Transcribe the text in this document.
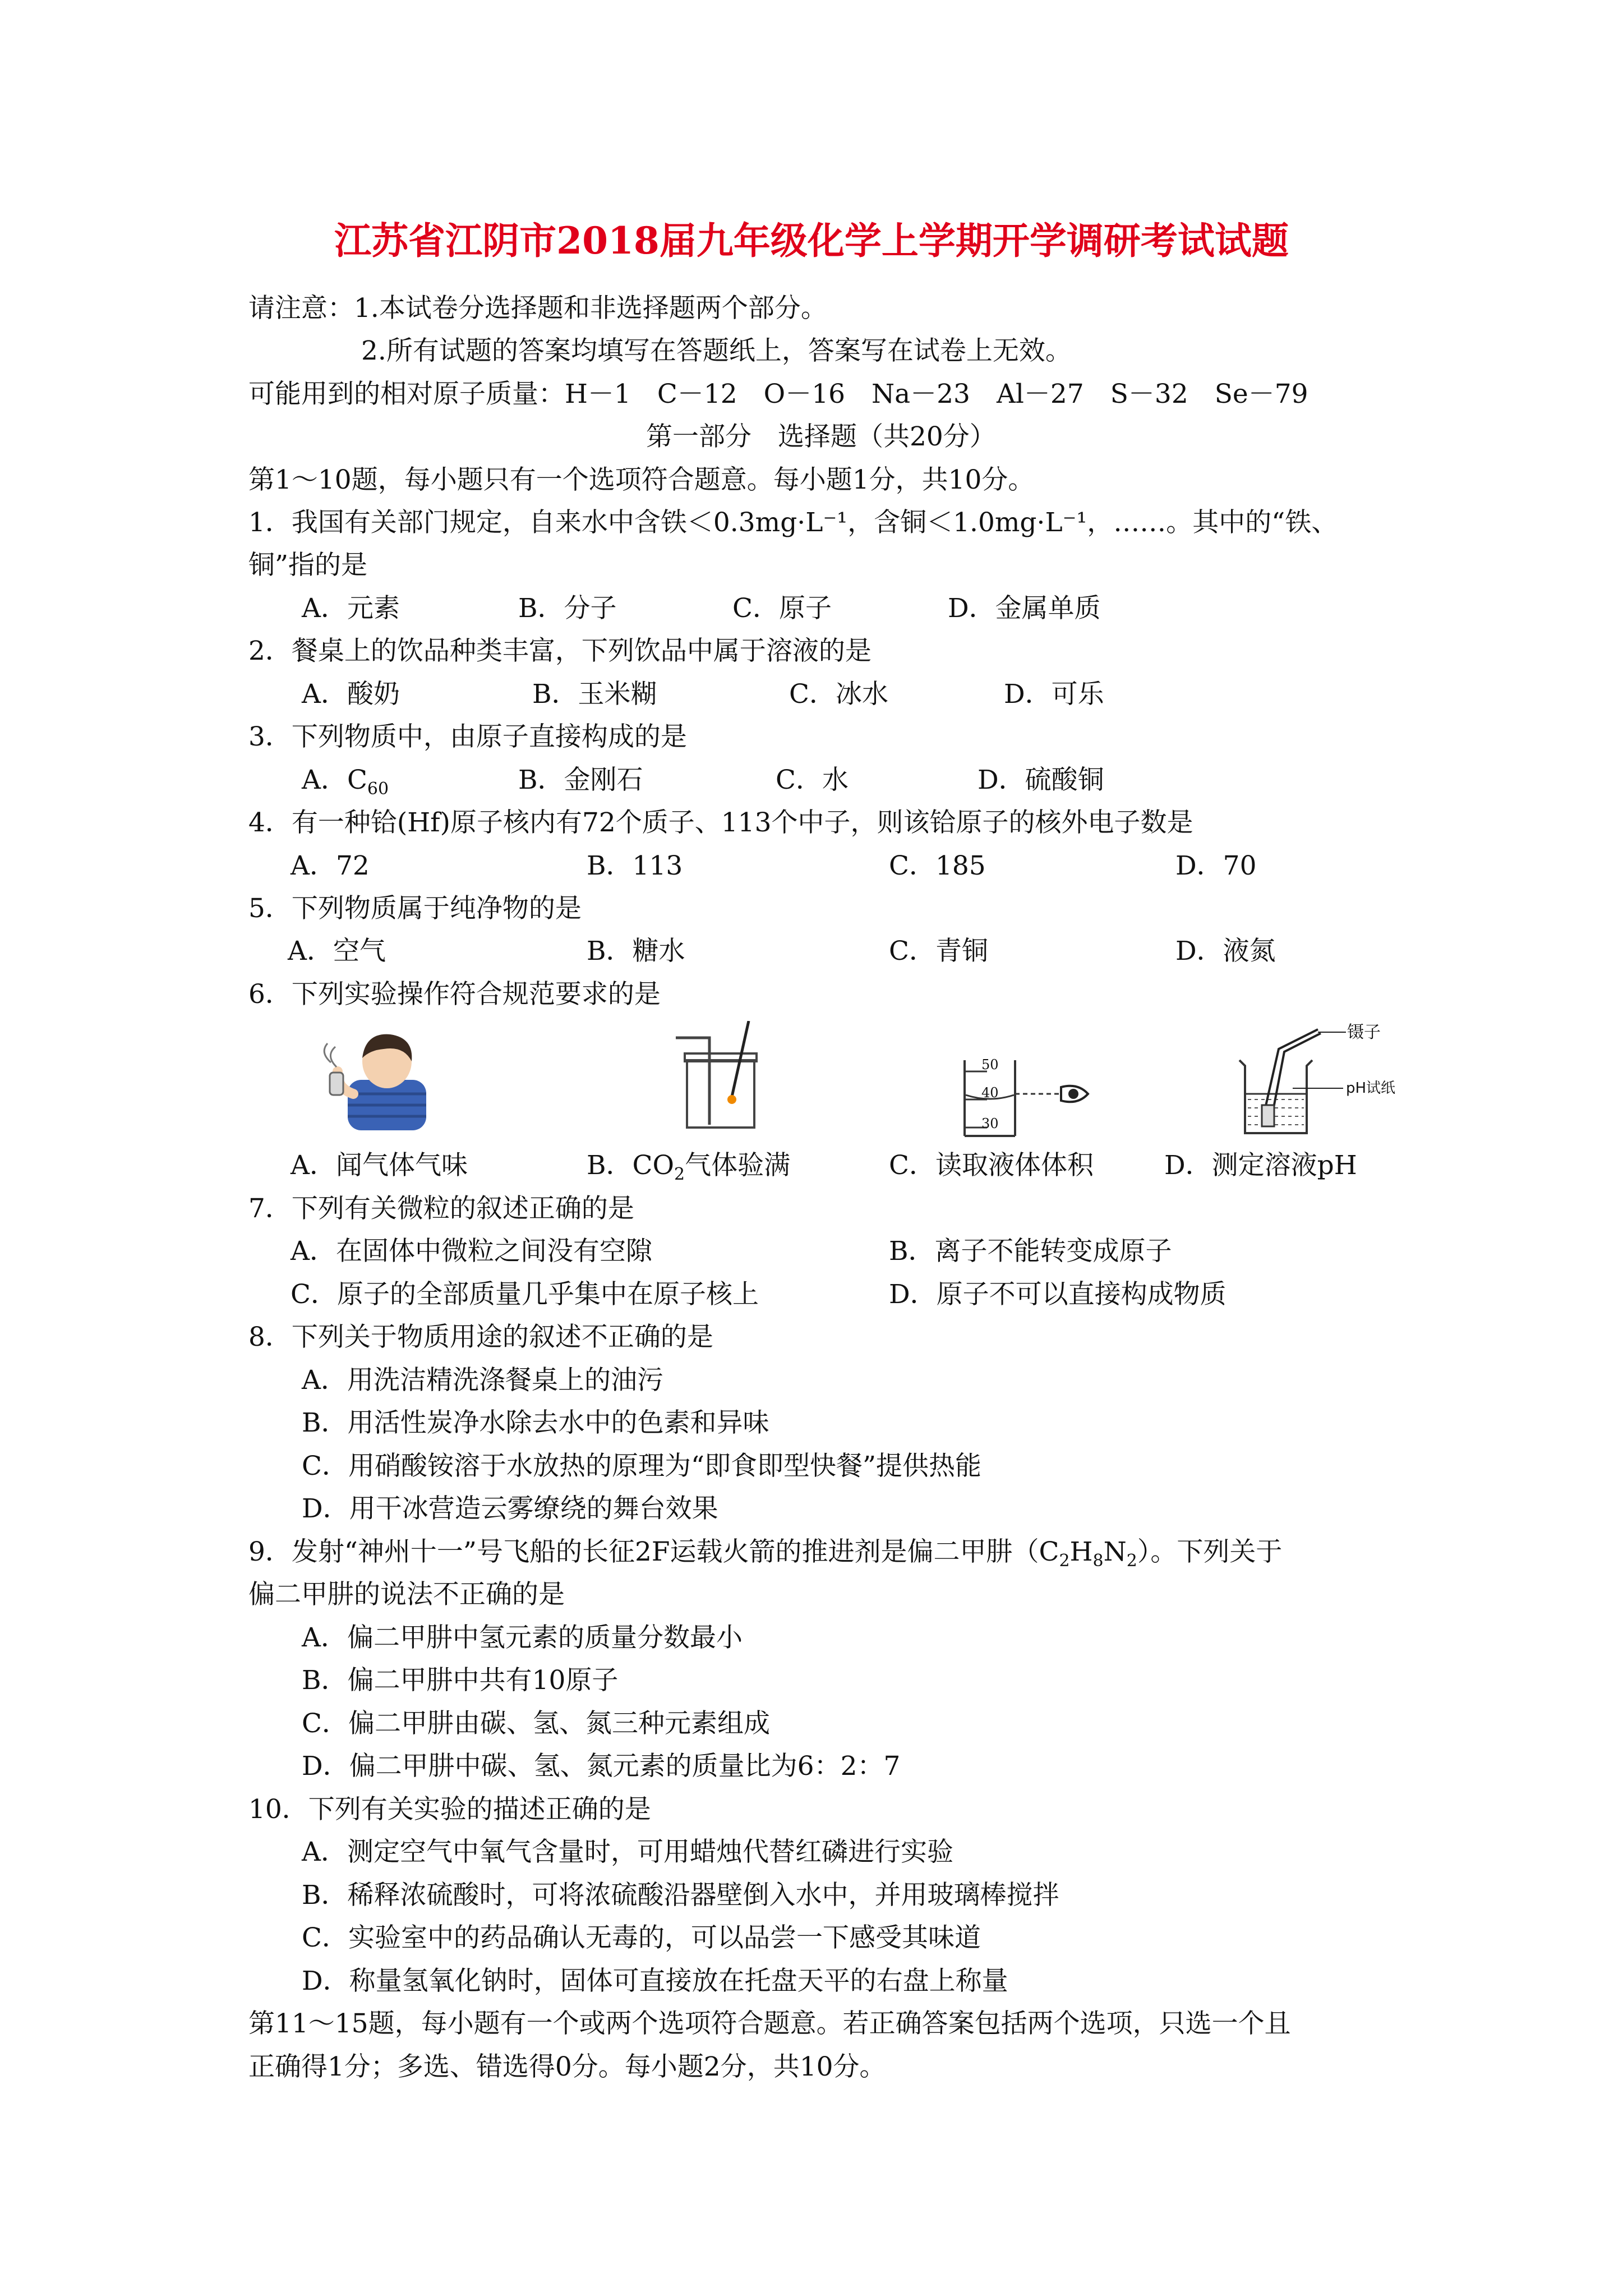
江苏省江阴市2018届九年级化学上学期开学调研考试试题
请注意：1.本试卷分选择题和非选择题两个部分。
2.所有试题的答案均填写在答题纸上，答案写在试卷上无效。
可能用到的相对原子质量：H－1　C－12　O－16　Na－23　Al－27　S－32　Se－79
第一部分　选择题（共20分）
第1～10题，每小题只有一个选项符合题意。每小题1分，共10分。
1．我国有关部门规定，自来水中含铁＜0.3mg·L⁻¹，含铜＜1.0mg·L⁻¹，……。其中的“铁、
铜”指的是
A．元素	B．分子	C．原子	D．金属单质
2．餐桌上的饮品种类丰富，下列饮品中属于溶液的是
A．酸奶	B．玉米糊	C．冰水	D．可乐
3．下列物质中，由原子直接构成的是
A．$C_{60}$	B．金刚石	C．水	D．硫酸铜
4．有一种铪(Hf)原子核内有72个质子、113个中子，则该铪原子的核外电子数是
A．72	B．113	C．185	D．70
5．下列物质属于纯净物的是
A．空气	B．糖水	C．青铜	D．液氮
6．下列实验操作符合规范要求的是
50
40
30
镊子
pH试纸
A．闻气体气味	B．$CO_2$气体验满	C．读取液体体积	D．测定溶液pH
7．下列有关微粒的叙述正确的是
A．在固体中微粒之间没有空隙	B．离子不能转变成原子
C．原子的全部质量几乎集中在原子核上	D．原子不可以直接构成物质
8．下列关于物质用途的叙述不正确的是
A．用洗洁精洗涤餐桌上的油污
B．用活性炭净水除去水中的色素和异味
C．用硝酸铵溶于水放热的原理为“即食即型快餐”提供热能
D．用干冰营造云雾缭绕的舞台效果
9．发射“神州十一”号飞船的长征2F运载火箭的推进剂是偏二甲肼$(C_2H_8N_2)$。下列关于
偏二甲肼的说法不正确的是
A．偏二甲肼中氢元素的质量分数最小
B．偏二甲肼中共有10原子
C．偏二甲肼由碳、氢、氮三种元素组成
D．偏二甲肼中碳、氢、氮元素的质量比为6：2：7
10．下列有关实验的描述正确的是
A．测定空气中氧气含量时，可用蜡烛代替红磷进行实验
B．稀释浓硫酸时，可将浓硫酸沿器壁倒入水中，并用玻璃棒搅拌
C．实验室中的药品确认无毒的，可以品尝一下感受其味道
D．称量氢氧化钠时，固体可直接放在托盘天平的右盘上称量
第11～15题，每小题有一个或两个选项符合题意。若正确答案包括两个选项，只选一个且
正确得1分；多选、错选得0分。每小题2分，共10分。
